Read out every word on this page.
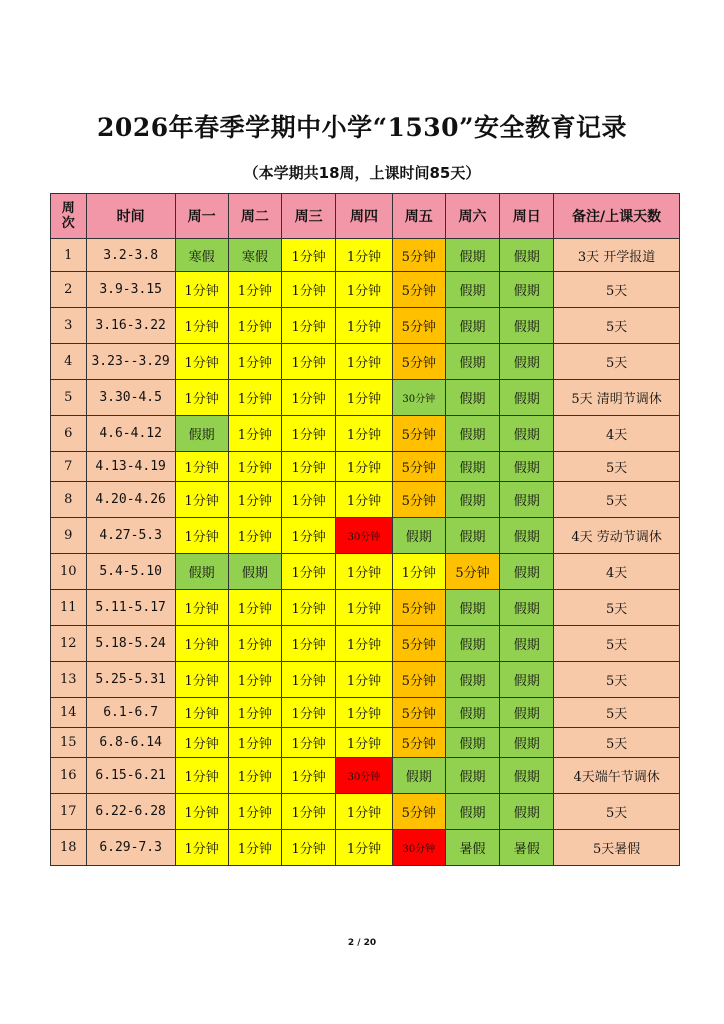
2026年春季学期中小学“1530”安全教育记录
（本学期共18周，上课时间85天）
周
次	时间	周一	周二	周三	周四	周五	周六	周日	备注/上课天数
1	3.2-3.8	寒假	寒假	1分钟	1分钟	5分钟	假期	假期	3天 开学报道
2	3.9-3.15	1分钟	1分钟	1分钟	1分钟	5分钟	假期	假期	5天
3	3.16-3.22	1分钟	1分钟	1分钟	1分钟	5分钟	假期	假期	5天
4	3.23--3.29	1分钟	1分钟	1分钟	1分钟	5分钟	假期	假期	5天
5	3.30-4.5	1分钟	1分钟	1分钟	1分钟	30分钟	假期	假期	5天 清明节调休
6	4.6-4.12	假期	1分钟	1分钟	1分钟	5分钟	假期	假期	4天
7	4.13-4.19	1分钟	1分钟	1分钟	1分钟	5分钟	假期	假期	5天
8	4.20-4.26	1分钟	1分钟	1分钟	1分钟	5分钟	假期	假期	5天
9	4.27-5.3	1分钟	1分钟	1分钟	30分钟	假期	假期	假期	4天 劳动节调休
10	5.4-5.10	假期	假期	1分钟	1分钟	1分钟	5分钟	假期	4天
11	5.11-5.17	1分钟	1分钟	1分钟	1分钟	5分钟	假期	假期	5天
12	5.18-5.24	1分钟	1分钟	1分钟	1分钟	5分钟	假期	假期	5天
13	5.25-5.31	1分钟	1分钟	1分钟	1分钟	5分钟	假期	假期	5天
14	6.1-6.7	1分钟	1分钟	1分钟	1分钟	5分钟	假期	假期	5天
15	6.8-6.14	1分钟	1分钟	1分钟	1分钟	5分钟	假期	假期	5天
16	6.15-6.21	1分钟	1分钟	1分钟	30分钟	假期	假期	假期	4天端午节调休
17	6.22-6.28	1分钟	1分钟	1分钟	1分钟	5分钟	假期	假期	5天
18	6.29-7.3	1分钟	1分钟	1分钟	1分钟	30分钟	暑假	暑假	5天暑假
2 / 20
